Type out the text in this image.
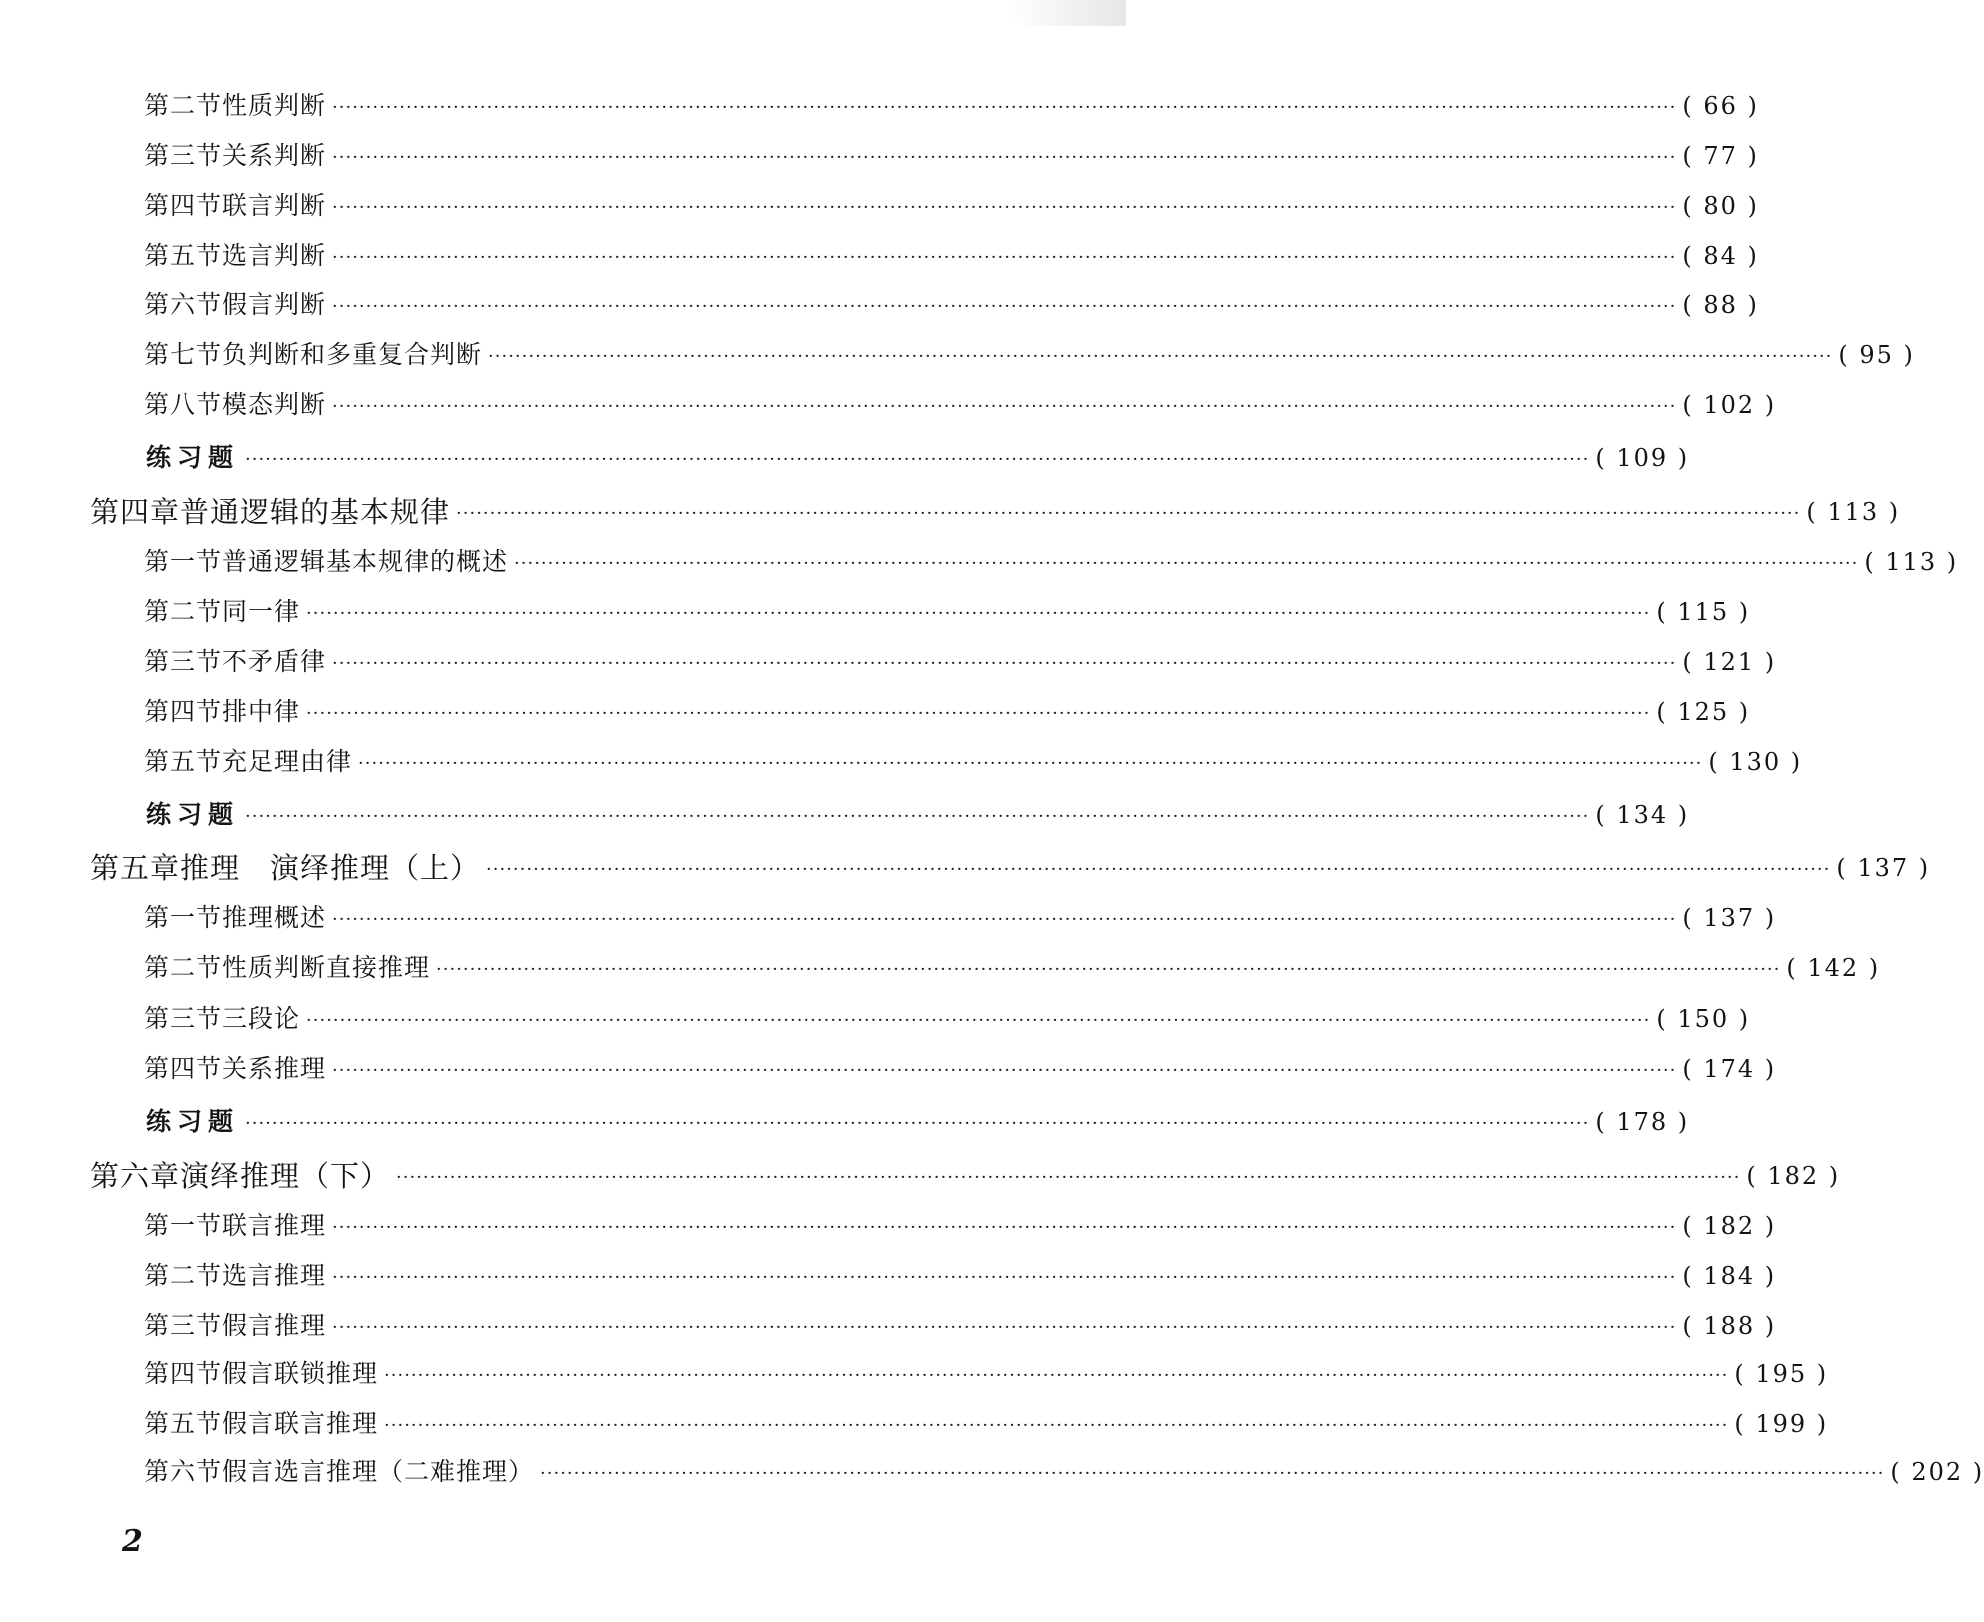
第二节 性质判断 ········································································································································································································ ( 66 )
第三节 关系判断 ········································································································································································································ ( 77 )
第四节 联言判断 ········································································································································································································ ( 80 )
第五节 选言判断 ········································································································································································································ ( 84 )
第六节 假言判断 ········································································································································································································ ( 88 )
第七节 负判断和多重复合判断 ········································································································································································································ ( 95 )
第八节 模态判断 ········································································································································································································ ( 102 )
练习题 ········································································································································································································ ( 109 )
第四章 普通逻辑的基本规律 ········································································································································································································ ( 113 )
第一节 普通逻辑基本规律的概述 ········································································································································································································ ( 113 )
第二节 同一律 ········································································································································································································ ( 115 )
第三节 不矛盾律 ········································································································································································································ ( 121 )
第四节 排中律 ········································································································································································································ ( 125 )
第五节 充足理由律 ········································································································································································································ ( 130 )
练习题 ········································································································································································································ ( 134 )
第五章 推理　演绎推理（上） ········································································································································································································ ( 137 )
第一节 推理概述 ········································································································································································································ ( 137 )
第二节 性质判断直接推理 ········································································································································································································ ( 142 )
第三节 三段论 ········································································································································································································ ( 150 )
第四节 关系推理 ········································································································································································································ ( 174 )
练习题 ········································································································································································································ ( 178 )
第六章 演绎推理（下） ········································································································································································································ ( 182 )
第一节 联言推理 ········································································································································································································ ( 182 )
第二节 选言推理 ········································································································································································································ ( 184 )
第三节 假言推理 ········································································································································································································ ( 188 )
第四节 假言联锁推理 ········································································································································································································ ( 195 )
第五节 假言联言推理 ········································································································································································································ ( 199 )
第六节 假言选言推理（二难推理） ········································································································································································································ ( 202 )
2
